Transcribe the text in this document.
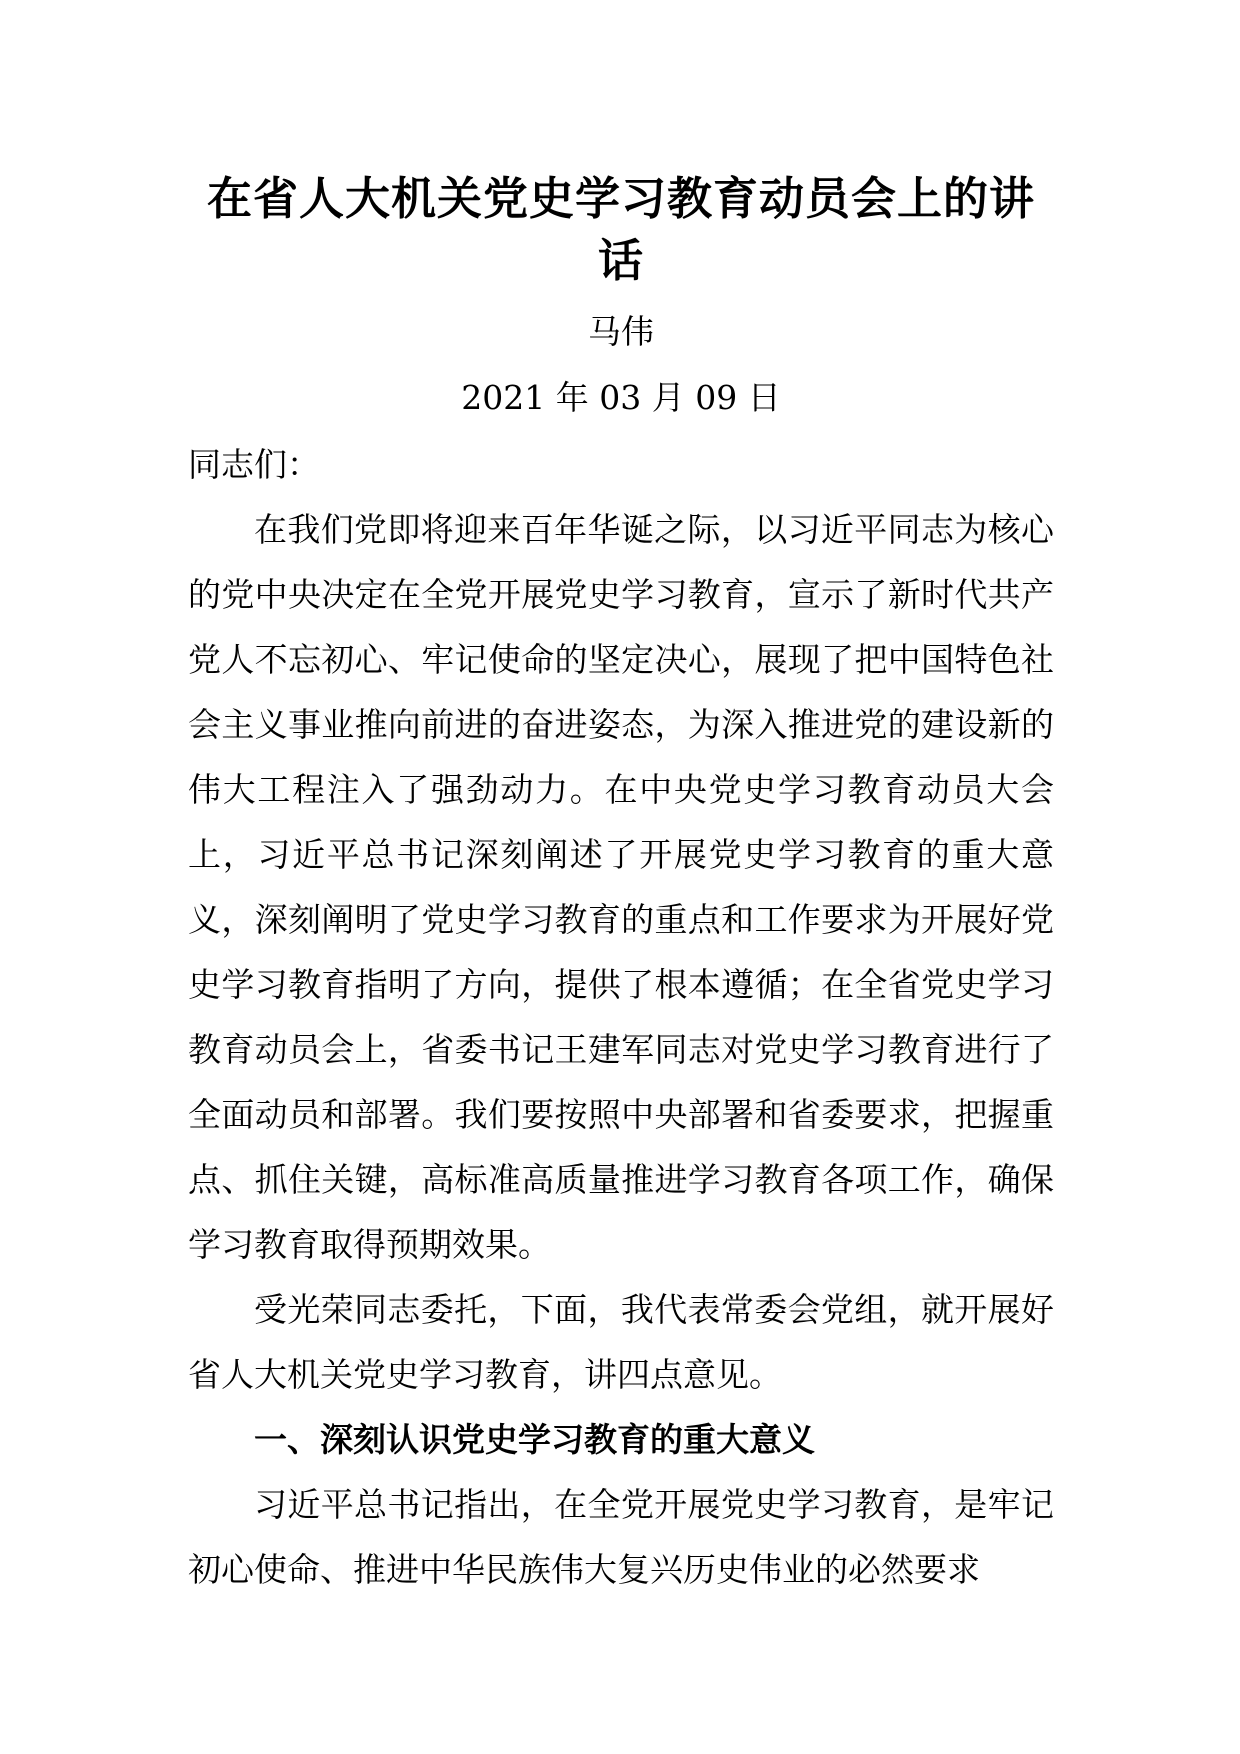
在省人大机关党史学习教育动员会上的讲话
马伟
2021 年 03 月 09 日

同志们：

在我们党即将迎来百年华诞之际，以习近平同志为核心的党中央决定在全党开展党史学习教育，宣示了新时代共产党人不忘初心、牢记使命的坚定决心，展现了把中国特色社会主义事业推向前进的奋进姿态，为深入推进党的建设新的伟大工程注入了强劲动力。在中央党史学习教育动员大会上，习近平总书记深刻阐述了开展党史学习教育的重大意义，深刻阐明了党史学习教育的重点和工作要求为开展好党史学习教育指明了方向，提供了根本遵循；在全省党史学习教育动员会上，省委书记王建军同志对党史学习教育进行了全面动员和部署。我们要按照中央部署和省委要求，把握重点、抓住关键，高标准高质量推进学习教育各项工作，确保学习教育取得预期效果。

受光荣同志委托，下面，我代表常委会党组，就开展好省人大机关党史学习教育，讲四点意见。

一、深刻认识党史学习教育的重大意义

习近平总书记指出，在全党开展党史学习教育，是牢记初心使命、推进中华民族伟大复兴历史伟业的必然要求
